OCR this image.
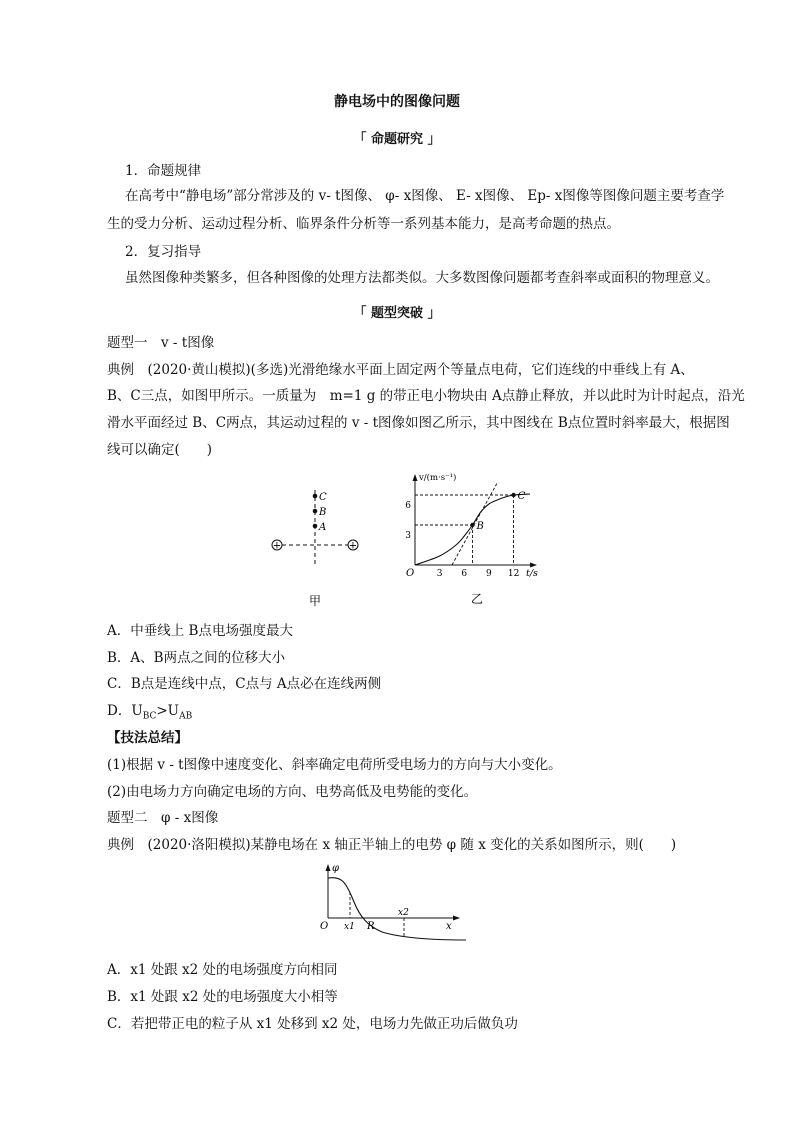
静电场中的图像问题
「 命题研究 」
1．命题规律
在高考中“静电场”部分常涉及的 v- t图像、 φ- x图像、 E- x图像、 Ep- x图像等图像问题主要考查学
生的受力分析、运动过程分析、临界条件分析等一系列基本能力，是高考命题的热点。
2．复习指导
虽然图像种类繁多，但各种图像的处理方法都类似。大多数图像问题都考查斜率或面积的物理意义。
「 题型突破 」
题型一　v - t图像
典例　(2020·黄山模拟)(多选)光滑绝缘水平面上固定两个等量点电荷，它们连线的中垂线上有 A、
B、C三点，如图甲所示。一质量为　m=1 g 的带正电小物块由 A点静止释放，并以此时为计时起点，沿光
滑水平面经过 B、C两点，其运动过程的 v - t图像如图乙所示，其中图线在 B点位置时斜率最大，根据图
线可以确定(　　)
C
B
A
+	+
甲
v/(m·s⁻¹)
t/s
O
乙
3 6 9 12
3
6
B
C
A．中垂线上 B点电场强度最大
B．A、B两点之间的位移大小
C．B点是连线中点，C点与 A点必在连线两侧
D．$U_{BC}>U_{AB}$
【技法总结】
(1)根据 v - t图像中速度变化、斜率确定电荷所受电场力的方向与大小变化。
(2)由电场力方向确定电场的方向、电势高低及电势能的变化。
题型二　φ - x图像
典例　(2020·洛阳模拟)某静电场在 x 轴正半轴上的电势 φ 随 x 变化的关系如图所示，则(　　)
φ
x
O x1 R
x2
A．x1 处跟 x2 处的电场强度方向相同
B．x1 处跟 x2 处的电场强度大小相等
C．若把带正电的粒子从 x1 处移到 x2 处，电场力先做正功后做负功
